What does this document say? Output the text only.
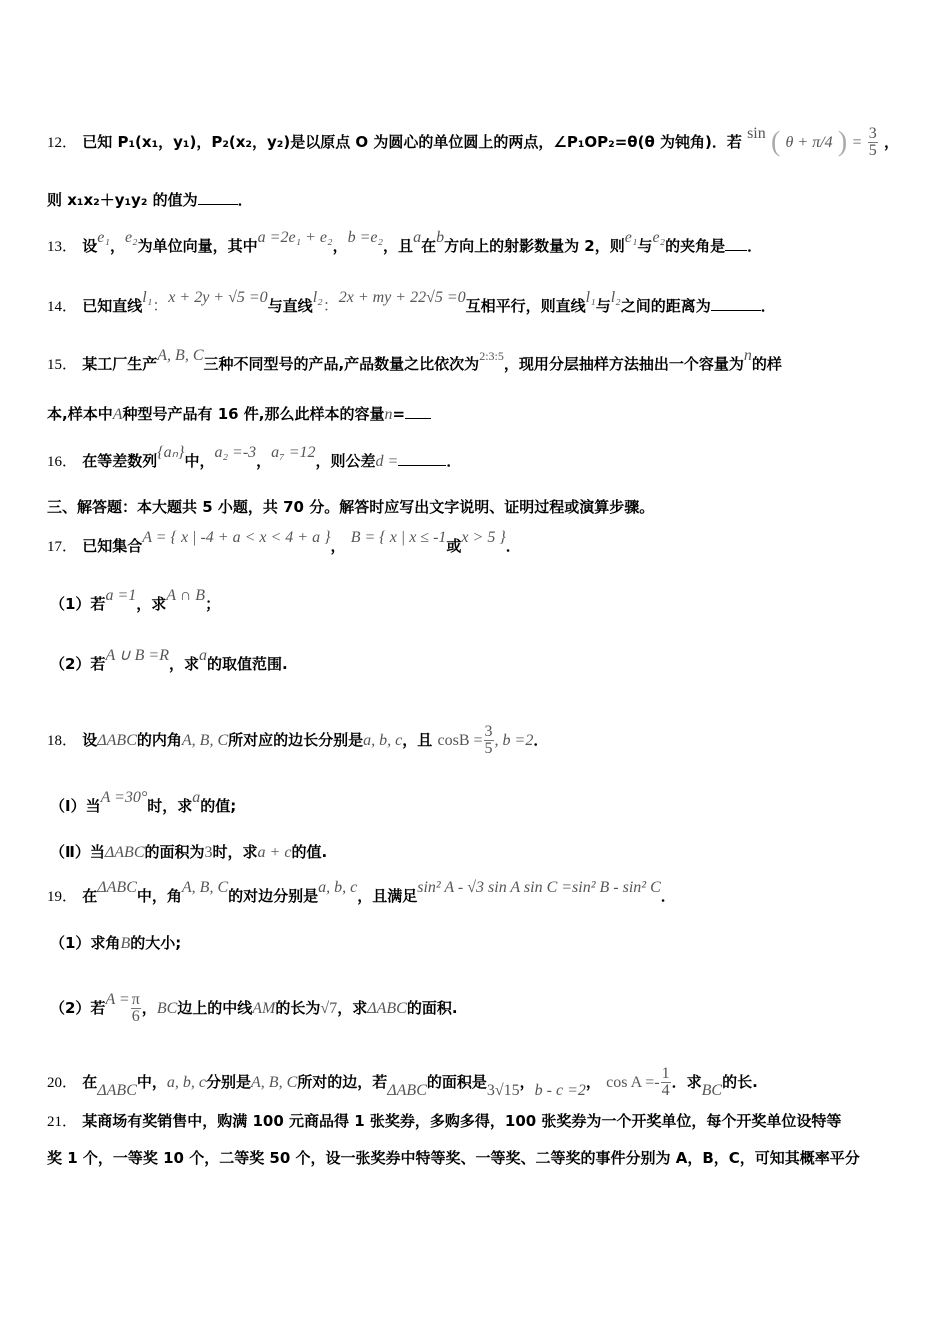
12． 已知 P₁(x₁，y₁)，P₂(x₂，y₂)是以原点 O 为圆心的单位圆上的两点，∠P₁OP₂=θ(θ 为钝角)．若 sin ( θ + π/4 ) = $\frac{3}{5}$ ，
则 x₁x₂＋y₁y₂ 的值为	．
13． 设e₁，e₂为单位向量，其中a =2e₁ + e₂，b =e₂，且a在b方向上的射影数量为 2，则e₁与e₂的夹角是 ．
14． 已知直线l₁：x + 2y + √5 =0与直线l₂：2x + my + 22√5 =0互相平行，则直线l₁与l₂之间的距离为	．
15． 某工厂生产A, B, C三种不同型号的产品,产品数量之比依次为$^{2:3:5}$，现用分层抽样方法抽出一个容量为n的样
本,样本中A种型号产品有 16 件,那么此样本的容量n=
16． 在等差数列{aₙ}中，a₂ =-3，a₇ =12，则公差d =	．
三、解答题：本大题共 5 小题，共 70 分。解答时应写出文字说明、证明过程或演算步骤。
17． 已知集合A = { x | -4 + a < x < 4 + a }， B = { x | x ≤ -1或x > 5 }．
（1）若a =1，求A ∩ B；
（2）若A ∪ B =R，求a的取值范围.
18． 设ΔABC的内角A, B, C所对应的边长分别是a, b, c，且 $\cos B = \frac{3}{5}$ , b =2．
（Ⅰ）当A =30°时，求a的值;
（Ⅱ）当ΔABC的面积为3时，求a + c的值.
19． 在ΔABC中，角A, B, C的对边分别是a, b, c，且满足sin² A - √3 sin A sin C =sin² B - sin² C．
（1）求角B的大小;
（2）若$A = \frac{\pi}{6}$ ，BC边上的中线AM的长为√7，求ΔABC的面积.
20． 在ΔABC中，a, b, c分别是A, B, C所对的边，若ΔABC的面积是3√15，b - c =2， $\cos A =- \frac{1}{4}$ ．求BC的长.
21． 某商场有奖销售中，购满 100 元商品得 1 张奖券，多购多得，100 张奖券为一个开奖单位，每个开奖单位设特等
奖 1 个，一等奖 10 个，二等奖 50 个，设一张奖券中特等奖、一等奖、二等奖的事件分别为 A，B，C，可知其概率平分
